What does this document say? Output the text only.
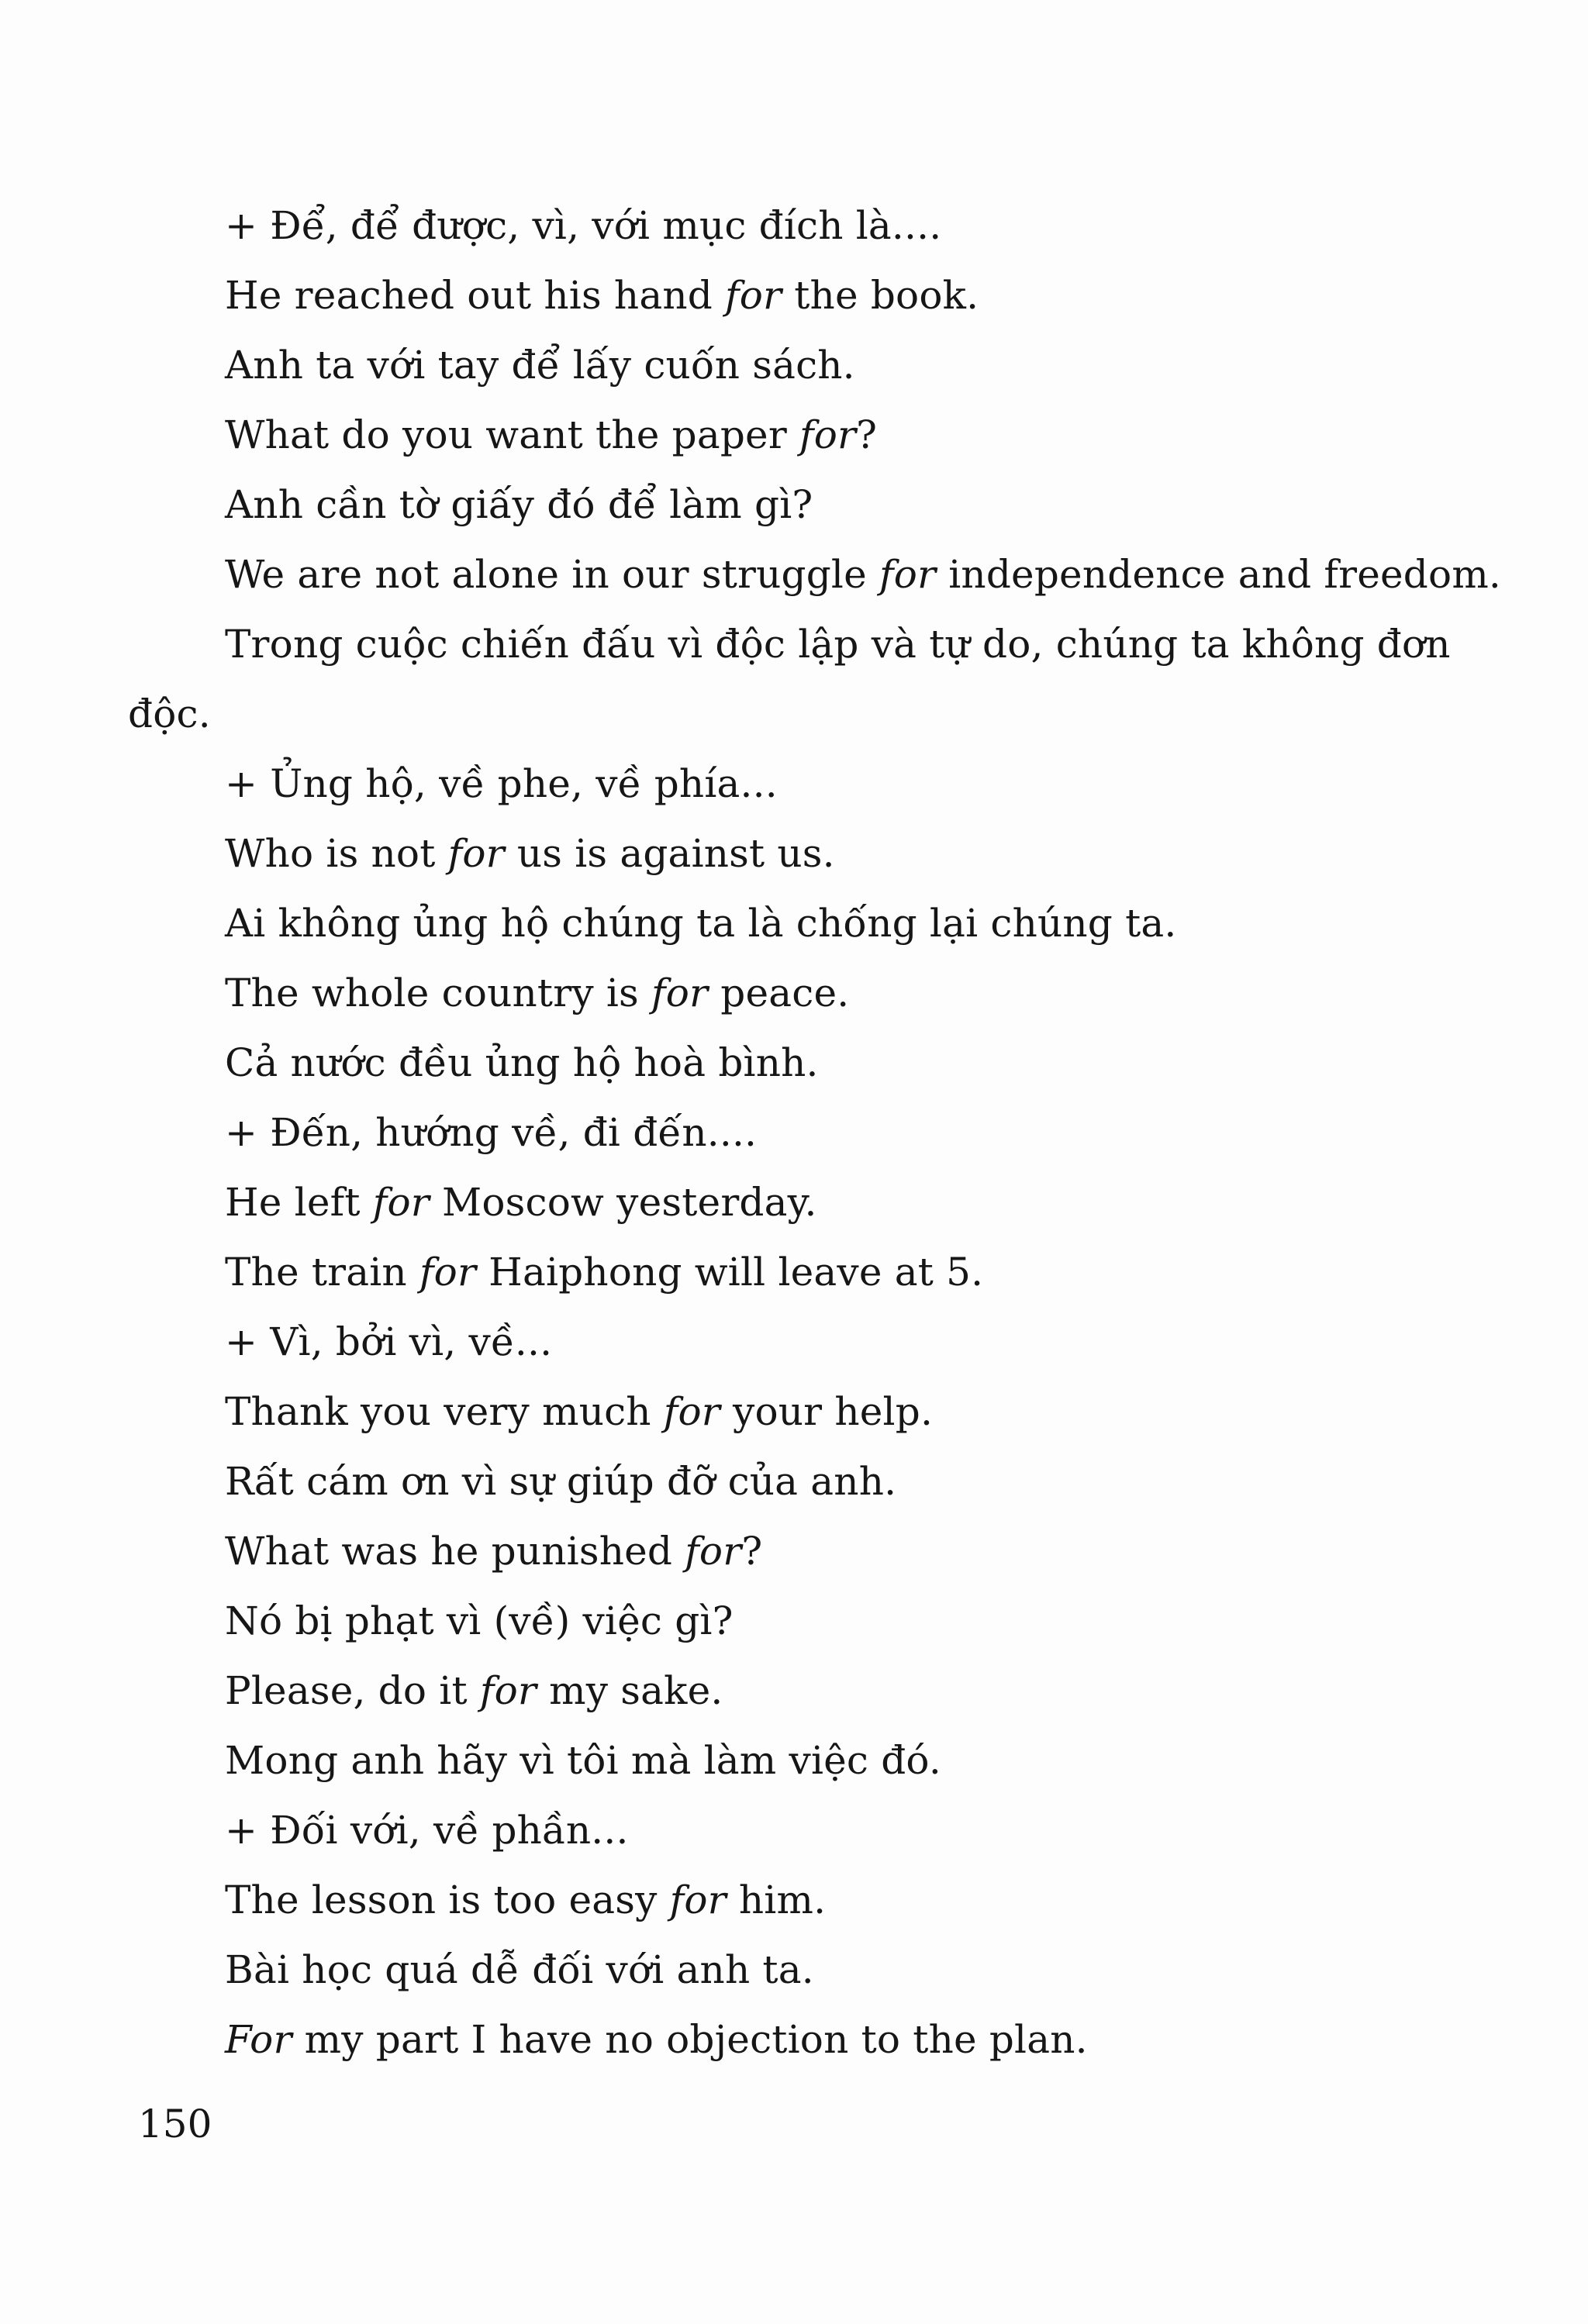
+ Để, để được, vì, với mục đích là....
He reached out his hand for the book.
Anh ta với tay để lấy cuốn sách.
What do you want the paper for?
Anh cần tờ giấy đó để làm gì?
We are not alone in our struggle for independence and freedom.
Trong cuộc chiến đấu vì độc lập và tự do, chúng ta không đơn
độc.
+ Ủng hộ, về phe, về phía...
Who is not for us is against us.
Ai không ủng hộ chúng ta là chống lại chúng ta.
The whole country is for peace.
Cả nước đều ủng hộ hoà bình.
+ Đến, hướng về, đi đến....
He left for Moscow yesterday.
The train for Haiphong will leave at 5.
+ Vì, bởi vì, về...
Thank you very much for your help.
Rất cám ơn vì sự giúp đỡ của anh.
What was he punished for?
Nó bị phạt vì (về) việc gì?
Please, do it for my sake.
Mong anh hãy vì tôi mà làm việc đó.
+ Đối với, về phần...
The lesson is too easy for him.
Bài học quá dễ đối với anh ta.
For my part I have no objection to the plan.
150
